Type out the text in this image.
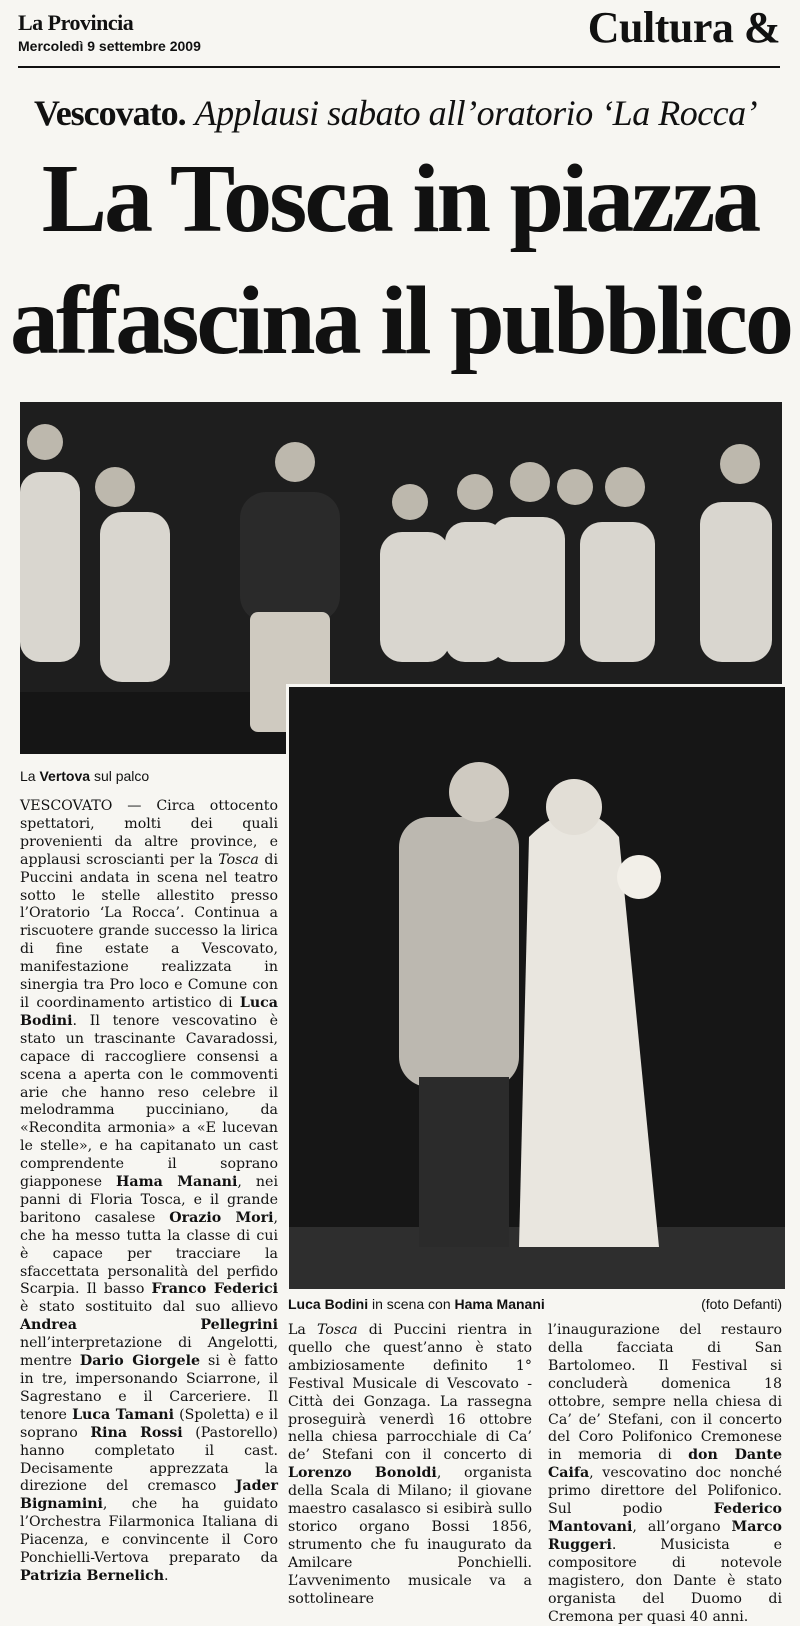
La Provincia
Mercoledì 9 settembre 2009	Cultura &
Vescovato. Applausi sabato all’oratorio ‘La Rocca’
La Tosca in piazza
affascina il pubblico
La Vertova sul palco
Luca Bodini in scena con Hama Manani	(foto Defanti)
VESCOVATO — Circa ottocento spettatori, molti dei quali provenienti da altre province, e applausi scroscianti per la Tosca di Puccini andata in scena nel teatro sotto le stelle allestito presso l’Oratorio ‘La Rocca’. Continua a riscuotere grande successo la lirica di fine estate a Vescovato, manifestazione realizzata in sinergia tra Pro loco e Comune con il coordinamento artistico di Luca Bodini. Il tenore vescovatino è stato un trascinante Cavaradossi, capace di raccogliere consensi a scena a aperta con le commoventi arie che hanno reso celebre il melodramma pucciniano, da «Recondita armonia» a «E lucevan le stelle», e ha capitanato un cast comprendente il soprano giapponese Hama Manani, nei panni di Floria Tosca, e il grande baritono casalese Orazio Mori, che ha messo tutta la classe di cui è capace per tracciare la sfaccettata personalità del perfido Scarpia. Il basso Franco Federici è stato sostituito dal suo allievo Andrea Pellegrini nell’interpretazione di Angelotti, mentre Dario Giorgele si è fatto in tre, impersonando Sciarrone, il Sagrestano e il Carceriere. Il tenore Luca Tamani (Spoletta) e il soprano Rina Rossi (Pastorello) hanno completato il cast. Decisamente apprezzata la direzione del cremasco Jader Bignamini, che ha guidato l’Orchestra Filarmonica Italiana di Piacenza, e convincente il Coro Ponchielli-Vertova preparato da Patrizia Bernelich.
La Tosca di Puccini rientra in quello che quest’anno è stato ambiziosamente definito 1° Festival Musicale di Vescovato - Città dei Gonzaga. La rassegna proseguirà venerdì 16 ottobre nella chiesa parrocchiale di Ca’ de’ Stefani con il concerto di Lorenzo Bonoldi, organista della Scala di Milano; il giovane maestro casalasco si esibirà sullo storico organo Bossi 1856, strumento che fu inaugurato da Amilcare Ponchielli. L’avvenimento musicale va a sottolineare
l’inaugurazione del restauro della facciata di San Bartolomeo. Il Festival si concluderà domenica 18 ottobre, sempre nella chiesa di Ca’ de’ Stefani, con il concerto del Coro Polifonico Cremonese in memoria di don Dante Caifa, vescovatino doc nonché primo direttore del Polifonico. Sul podio Federico Mantovani, all’organo Marco Ruggeri. Musicista e compositore di notevole magistero, don Dante è stato organista del Duomo di Cremona per quasi 40 anni.
